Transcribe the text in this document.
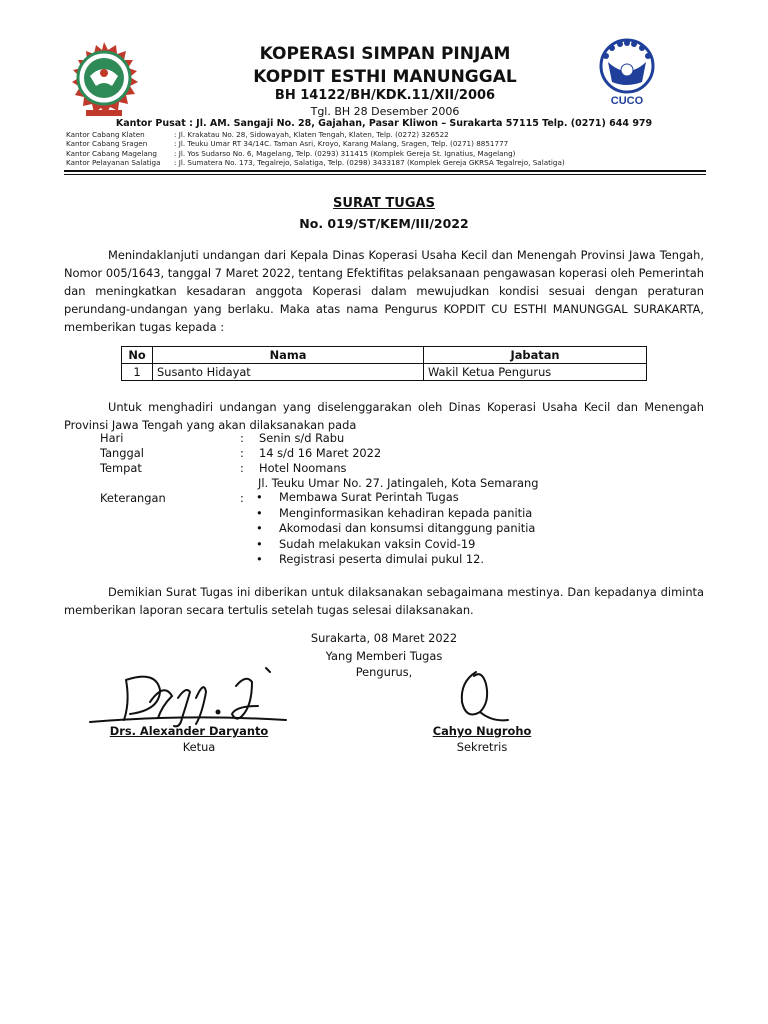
KOPERASI SIMPAN PINJAM
KOPDIT ESTHI MANUNGGAL
BH 14122/BH/KDK.11/XII/2006
Tgl. BH 28 Desember 2006
CUCO
Kantor Pusat : Jl. AM. Sangaji No. 28, Gajahan, Pasar Kliwon – Surakarta 57115 Telp. (0271) 644 979
Kantor Cabang Klaten	: Jl. Krakatau No. 28, Sidowayah, Klaten Tengah, Klaten, Telp. (0272) 326522
Kantor Cabang Sragen	: Jl. Teuku Umar RT 34/14C. Taman Asri, Kroyo, Karang Malang, Sragen, Telp. (0271) 8851777
Kantor Cabang Magelang	: Jl. Yos Sudarso No. 6, Magelang, Telp. (0293) 311415 (Komplek Gereja St. Ignatius, Magelang)
Kantor Pelayanan Salatiga	: Jl. Sumatera No. 173, Tegalrejo, Salatiga, Telp. (0298) 3433187 (Komplek Gereja GKRSA Tegalrejo, Salatiga)
SURAT TUGAS
No. 019/ST/KEM/III/2022
Menindaklanjuti undangan dari Kepala Dinas Koperasi Usaha Kecil dan Menengah Provinsi Jawa Tengah, Nomor 005/1643, tanggal 7 Maret 2022, tentang Efektifitas pelaksanaan pengawasan koperasi oleh Pemerintah dan meningkatkan kesadaran anggota Koperasi dalam mewujudkan kondisi sesuai dengan peraturan perundang-undangan yang berlaku. Maka atas nama Pengurus KOPDIT CU ESTHI MANUNGGAL SURAKARTA, memberikan tugas kepada :
No	Nama	Jabatan
1	Susanto Hidayat	Wakil Ketua Pengurus
Untuk menghadiri undangan yang diselenggarakan oleh Dinas Koperasi Usaha Kecil dan Menengah Provinsi Jawa Tengah yang akan dilaksanakan pada
Hari	: Senin s/d Rabu
Tanggal	: 14 s/d 16 Maret 2022
Tempat	: Hotel Noomans
Jl. Teuku Umar No. 27. Jatingaleh, Kota Semarang
Keterangan	:	• Membawa Surat Perintah Tugas
• Menginformasikan kehadiran kepada panitia
• Akomodasi dan konsumsi ditanggung panitia
• Sudah melakukan vaksin Covid-19
• Registrasi peserta dimulai pukul 12.
Demikian Surat Tugas ini diberikan untuk dilaksanakan sebagaimana mestinya. Dan kepadanya diminta memberikan laporan secara tertulis setelah tugas selesai dilaksanakan.
Surakarta, 08 Maret 2022
Yang Memberi Tugas
Pengurus,
Drs. Alexander Daryanto
Ketua
Cahyo Nugroho
Sekretris
